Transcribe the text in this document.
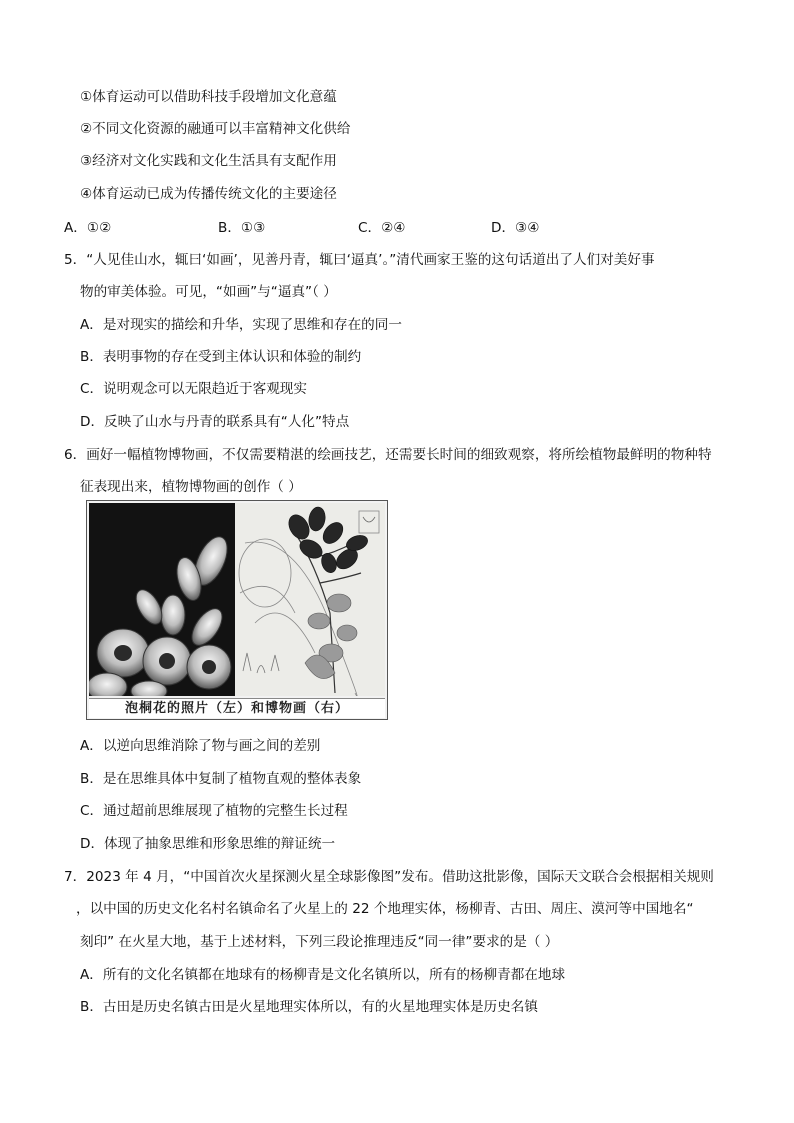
①体育运动可以借助科技手段增加文化意蕴
②不同文化资源的融通可以丰富精神文化供给
③经济对文化实践和文化生活具有支配作用
④体育运动已成为传播传统文化的主要途径
A．①②	B．①③	C．②④	D．③④
5．“人见佳山水，辄曰‘如画’，见善丹青，辄曰‘逼真’。”清代画家王鉴的这句话道出了人们对美好事
物的审美体验。可见，“如画”与“逼真”（ ）
A．是对现实的描绘和升华，实现了思维和存在的同一
B．表明事物的存在受到主体认识和体验的制约
C．说明观念可以无限趋近于客观现实
D．反映了山水与丹青的联系具有“人化”特点
6．画好一幅植物博物画，不仅需要精湛的绘画技艺，还需要长时间的细致观察，将所绘植物最鲜明的物种特
征表现出来，植物博物画的创作（ ）
泡桐花的照片（左）和博物画（右）
A．以逆向思维消除了物与画之间的差别
B．是在思维具体中复制了植物直观的整体表象
C．通过超前思维展现了植物的完整生长过程
D．体现了抽象思维和形象思维的辩证统一
7．2023 年 4 月，“中国首次火星探测火星全球影像图”发布。借助这批影像，国际天文联合会根据相关规则
，以中国的历史文化名村名镇命名了火星上的 22 个地理实体，杨柳青、古田、周庄、漠河等中国地名“
刻印” 在火星大地，基于上述材料，下列三段论推理违反“同一律”要求的是（ ）
A．所有的文化名镇都在地球有的杨柳青是文化名镇所以，所有的杨柳青都在地球
B．古田是历史名镇古田是火星地理实体所以，有的火星地理实体是历史名镇
